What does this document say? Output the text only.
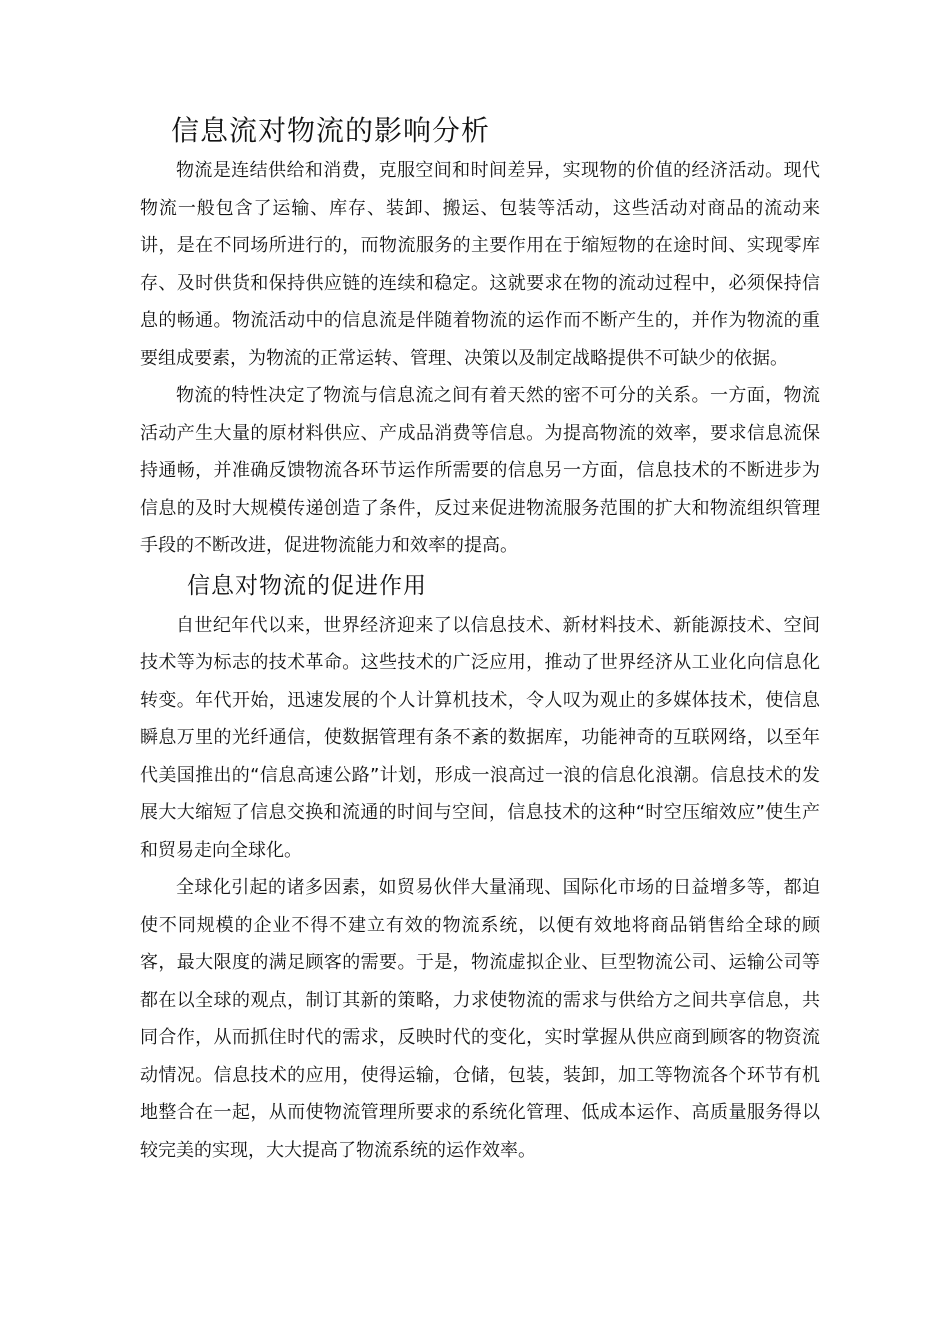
信息流对物流的影响分析

物流是连结供给和消费，克服空间和时间差异，实现物的价值的经济活动。现代物流一般包含了运输、库存、装卸、搬运、包装等活动，这些活动对商品的流动来讲，是在不同场所进行的，而物流服务的主要作用在于缩短物的在途时间、实现零库存、及时供货和保持供应链的连续和稳定。这就要求在物的流动过程中，必须保持信息的畅通。物流活动中的信息流是伴随着物流的运作而不断产生的，并作为物流的重要组成要素，为物流的正常运转、管理、决策以及制定战略提供不可缺少的依据。

物流的特性决定了物流与信息流之间有着天然的密不可分的关系。一方面，物流活动产生大量的原材料供应、产成品消费等信息。为提高物流的效率，要求信息流保持通畅，并准确反馈物流各环节运作所需要的信息另一方面，信息技术的不断进步为信息的及时大规模传递创造了条件，反过来促进物流服务范围的扩大和物流组织管理手段的不断改进，促进物流能力和效率的提高。

信息对物流的促进作用

自世纪年代以来，世界经济迎来了以信息技术、新材料技术、新能源技术、空间技术等为标志的技术革命。这些技术的广泛应用，推动了世界经济从工业化向信息化转变。年代开始，迅速发展的个人计算机技术，令人叹为观止的多媒体技术，使信息瞬息万里的光纤通信，使数据管理有条不紊的数据库，功能神奇的互联网络，以至年代美国推出的“信息高速公路”计划，形成一浪高过一浪的信息化浪潮。信息技术的发展大大缩短了信息交换和流通的时间与空间，信息技术的这种“时空压缩效应”使生产和贸易走向全球化。

全球化引起的诸多因素，如贸易伙伴大量涌现、国际化市场的日益增多等，都迫使不同规模的企业不得不建立有效的物流系统，以便有效地将商品销售给全球的顾客，最大限度的满足顾客的需要。于是，物流虚拟企业、巨型物流公司、运输公司等都在以全球的观点，制订其新的策略，力求使物流的需求与供给方之间共享信息，共同合作，从而抓住时代的需求，反映时代的变化，实时掌握从供应商到顾客的物资流动情况。信息技术的应用，使得运输，仓储，包装，装卸，加工等物流各个环节有机地整合在一起，从而使物流管理所要求的系统化管理、低成本运作、高质量服务得以较完美的实现，大大提高了物流系统的运作效率。
